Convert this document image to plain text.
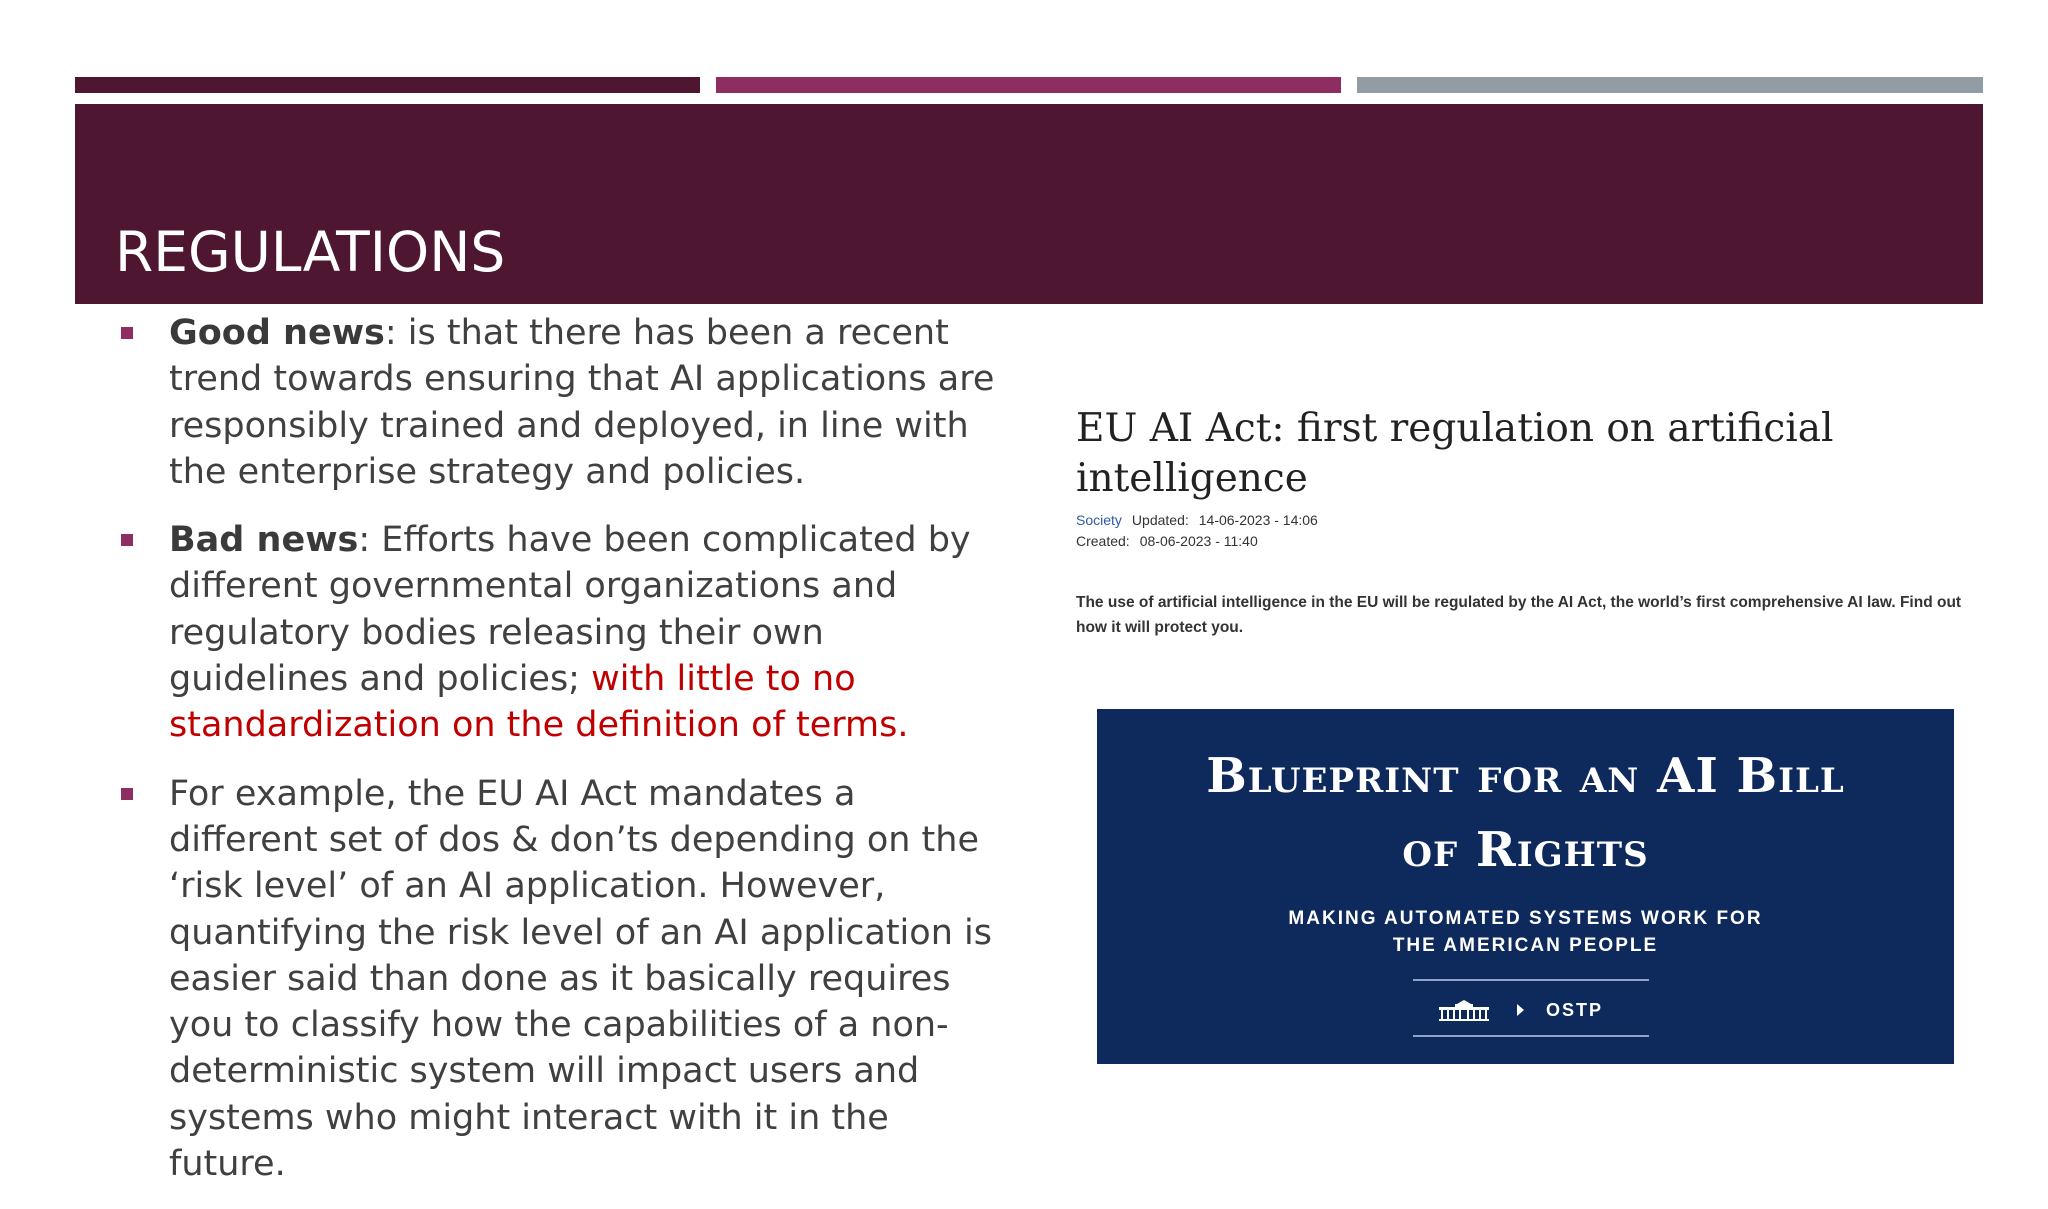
REGULATIONS
Good news: is that there has been a recent trend towards ensuring that AI applications are responsibly trained and deployed, in line with the enterprise strategy and policies.
Bad news: Efforts have been complicated by different governmental organizations and regulatory bodies releasing their own guidelines and policies; with little to no standardization on the definition of terms.
For example, the EU AI Act mandates a different set of dos & don’ts depending on the ‘risk level’ of an AI application. However, quantifying the risk level of an AI application is easier said than done as it basically requires you to classify how the capabilities of a non-deterministic system will impact users and systems who might interact with it in the future.
EU AI Act: first regulation on artificial intelligence
Society Updated: 14-06-2023 - 14:06
Created: 08-06-2023 - 11:40
The use of artificial intelligence in the EU will be regulated by the AI Act, the world’s first comprehensive AI law. Find out how it will protect you.
Blueprint for an AI Bill
of Rights
MAKING AUTOMATED SYSTEMS WORK FOR
THE AMERICAN PEOPLE
OSTP
